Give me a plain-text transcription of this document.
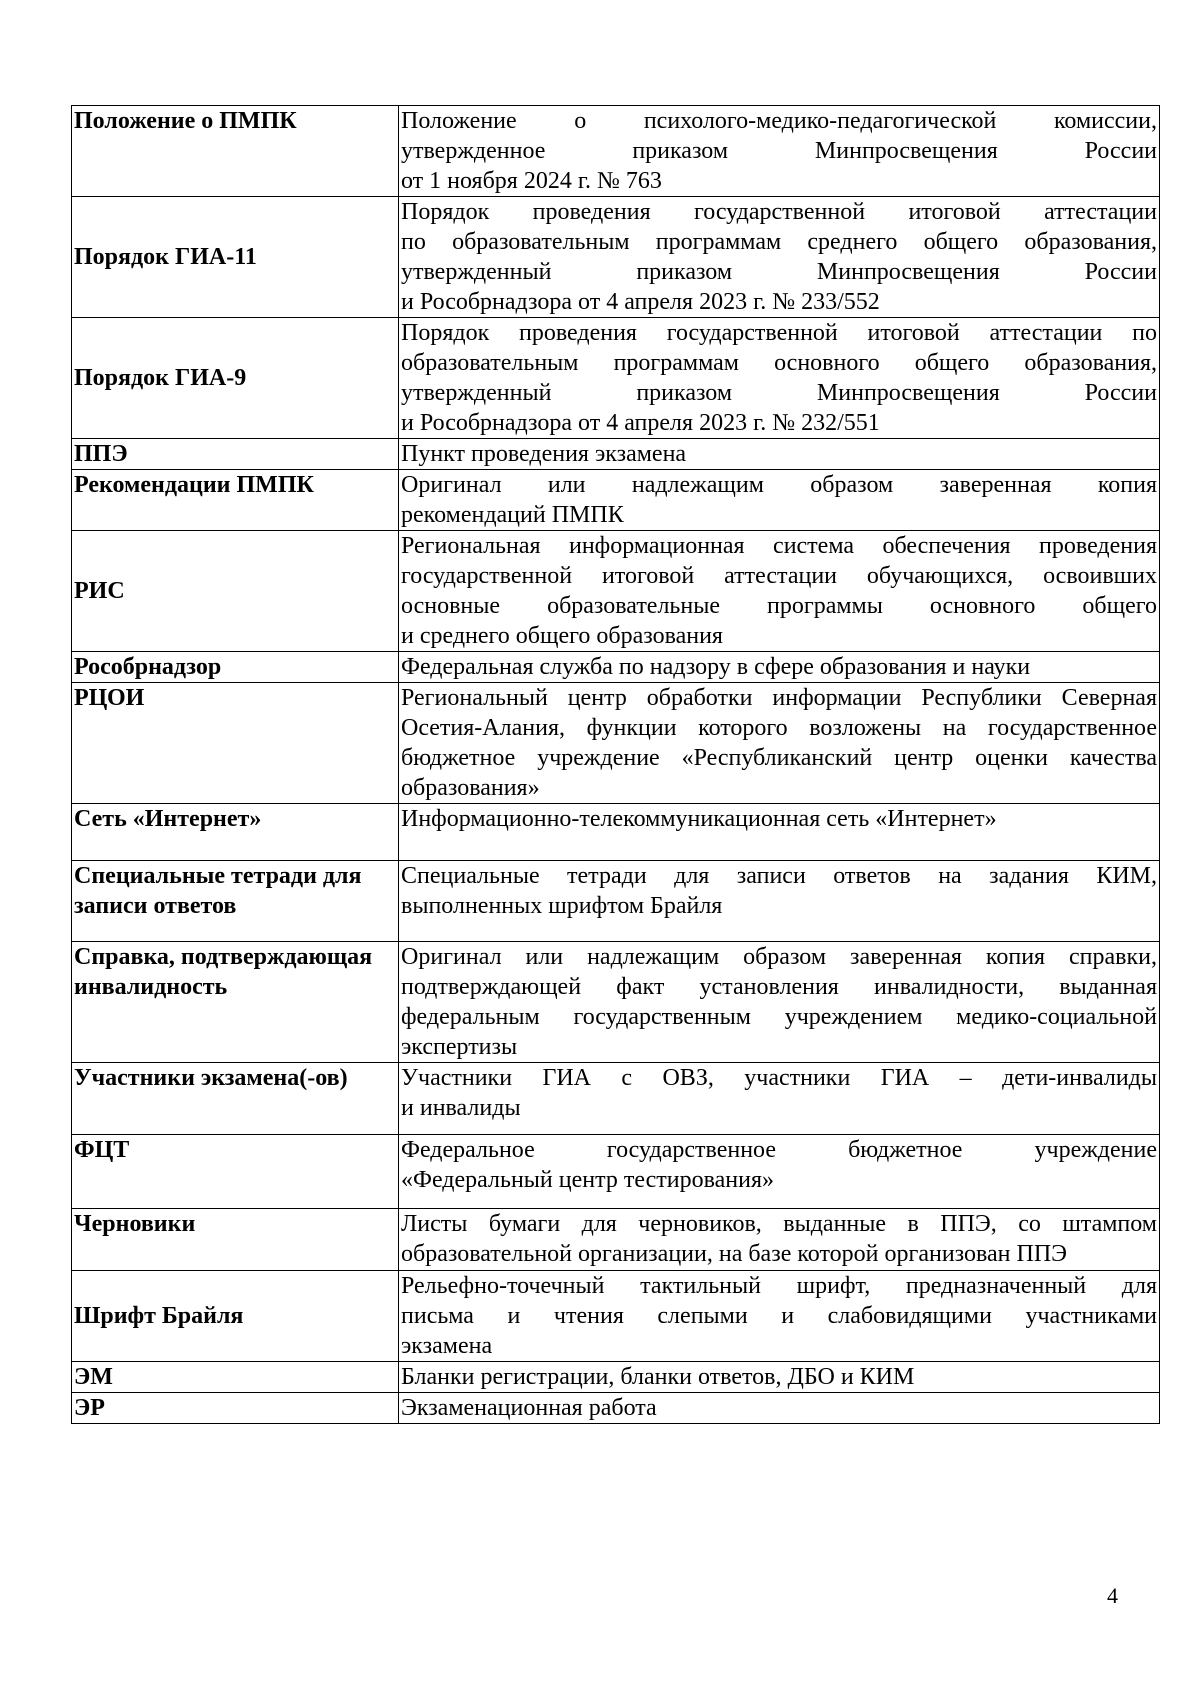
Положение о ПМПК	Положение о психолого-медико-педагогической комиссии,
утвержденное приказом Минпросвещения России
от 1 ноября 2024 г. № 763

Порядок ГИА-11	Порядок проведения государственной итоговой аттестации
по образовательным программам среднего общего образования,
утвержденный приказом Минпросвещения России
и Рособрнадзора от 4 апреля 2023 г. № 233/552

Порядок ГИА-9	Порядок проведения государственной итоговой аттестации по
образовательным программам основного общего образования,
утвержденный приказом Минпросвещения России
и Рособрнадзора от 4 апреля 2023 г. № 232/551

ППЭ	Пункт проведения экзамена

Рекомендации ПМПК	Оригинал или надлежащим образом заверенная копия
рекомендаций ПМПК

РИС	Региональная информационная система обеспечения проведения
государственной итоговой аттестации обучающихся, освоивших
основные образовательные программы основного общего
и среднего общего образования

Рособрнадзор	Федеральная служба по надзору в сфере образования и науки

РЦОИ	Региональный центр обработки информации Республики Северная
Осетия-Алания, функции которого возложены на государственное
бюджетное учреждение «Республиканский центр оценки качества
образования»

Сеть «Интернет»	Информационно-телекоммуникационная сеть «Интернет»

Специальные тетради для
записи ответов	Специальные тетради для записи ответов на задания КИМ,
выполненных шрифтом Брайля

Справка, подтверждающая
инвалидность	Оригинал или надлежащим образом заверенная копия справки,
подтверждающей факт установления инвалидности, выданная
федеральным государственным учреждением медико-социальной
экспертизы

Участники экзамена(-ов)	Участники ГИА с ОВЗ, участники ГИА – дети-инвалиды
и инвалиды

ФЦТ	Федеральное государственное бюджетное учреждение
«Федеральный центр тестирования»

Черновики	Листы бумаги для черновиков, выданные в ППЭ, со штампом
образовательной организации, на базе которой организован ППЭ

Шрифт Брайля	Рельефно-точечный тактильный шрифт, предназначенный для
письма и чтения слепыми и слабовидящими участниками
экзамена

ЭМ	Бланки регистрации, бланки ответов, ДБО и КИМ

ЭР	Экзаменационная работа
4
